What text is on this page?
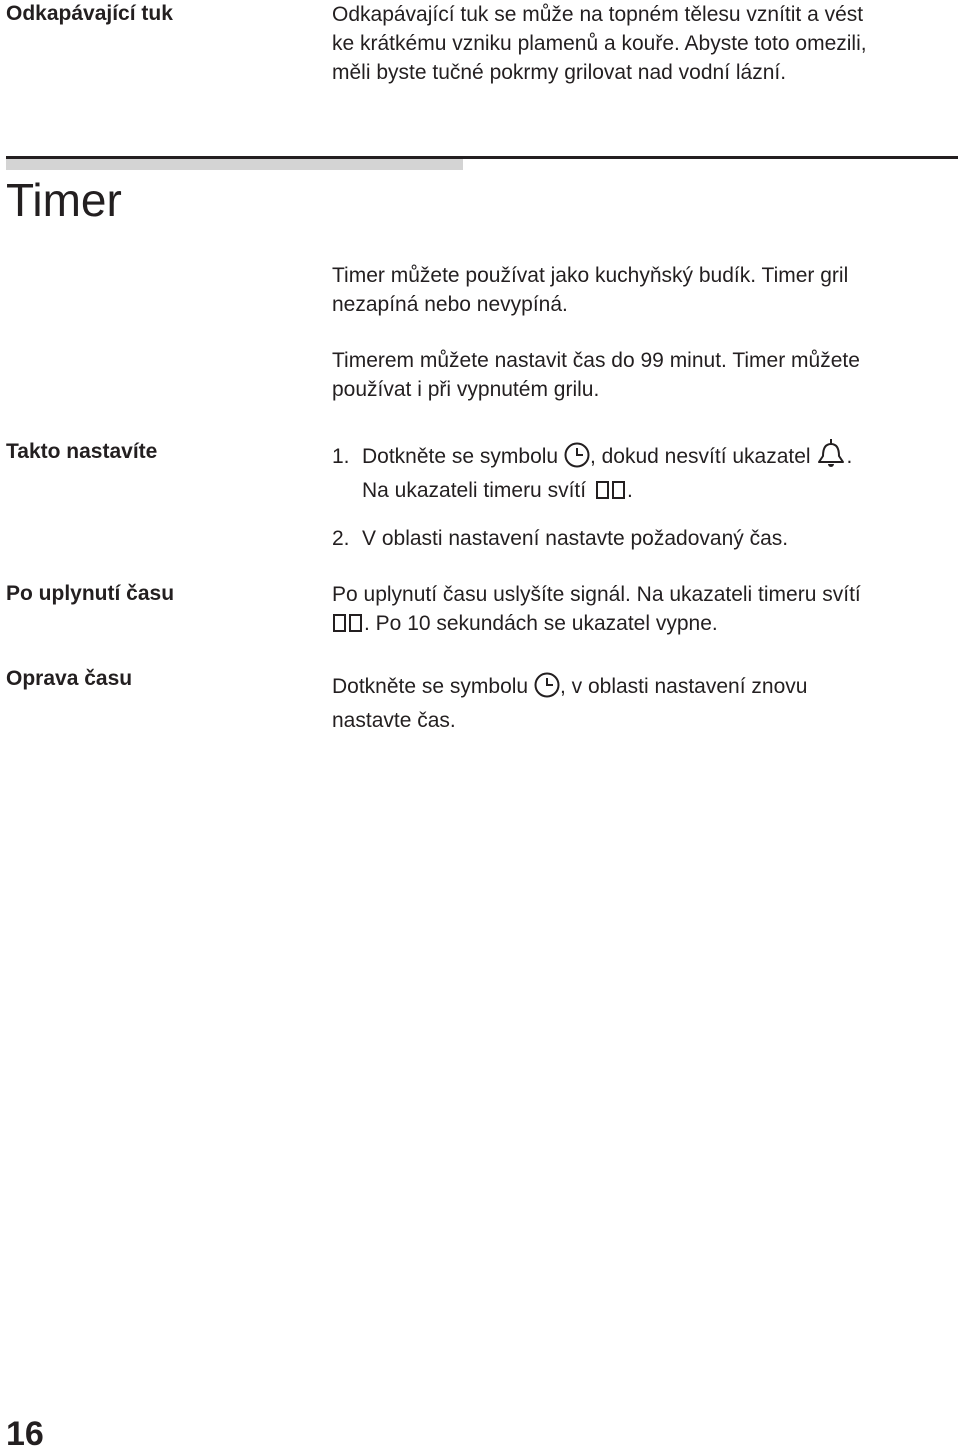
Odkapávající tuk	Odkapávající tuk se může na topném tělesu vznítit a vést
ke krátkému vzniku plamenů a kouře. Abyste toto omezili,
měli byste tučné pokrmy grilovat nad vodní lázní.
Timer
Timer můžete používat jako kuchyňský budík. Timer gril
nezapíná nebo nevypíná.
Timerem můžete nastavit čas do 99 minut. Timer můžete
používat i při vypnutém grilu.
Takto nastavíte	1. Dotkněte se symbolu , dokud nesvítí ukazatel .
Na ukazateli timeru svítí .
2. V oblasti nastavení nastavte požadovaný čas.
Po uplynutí času	Po uplynutí času uslyšíte signál. Na ukazateli timeru svítí
. Po 10 sekundách se ukazatel vypne.
Oprava času	Dotkněte se symbolu , v oblasti nastavení znovu
nastavte čas.
16
